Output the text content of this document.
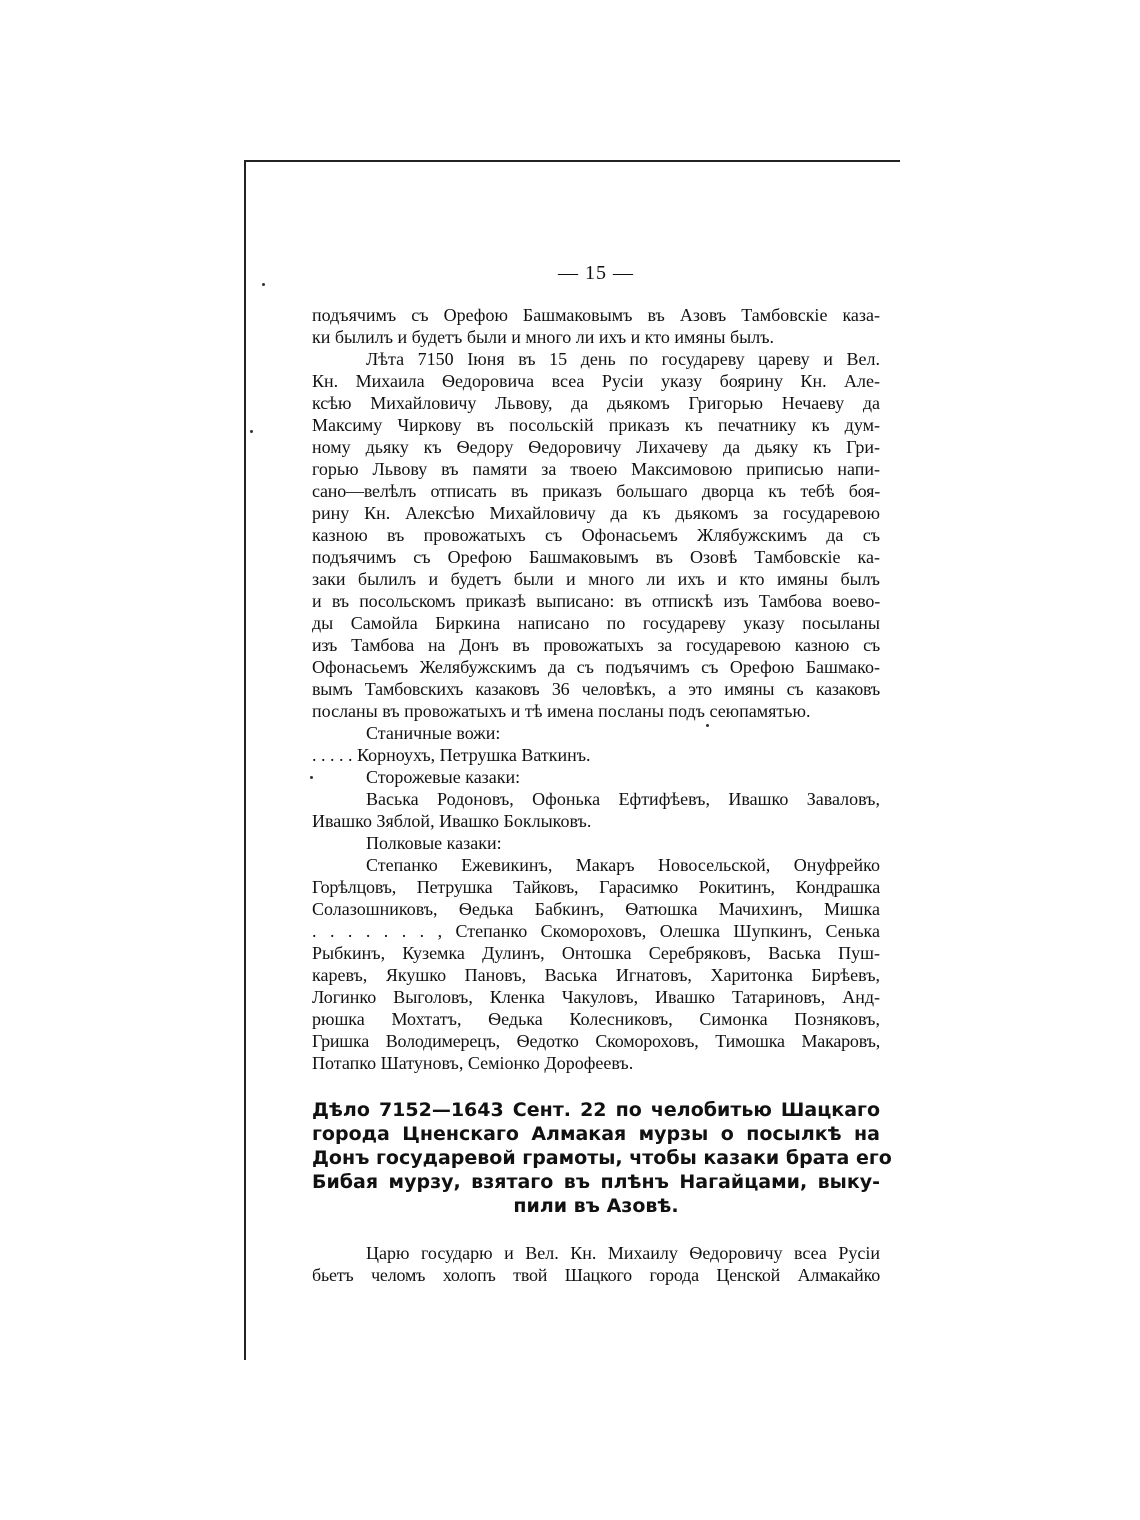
— 15 —
подъячимъ съ Орефою Башмаковымъ въ Азовъ Тамбовскіе каза-
ки былилъ и будетъ были и много ли ихъ и кто имяны былъ.
Лѣта 7150 Іюня въ 15 день по государеву цареву и Вел.
Кн. Михаила Ѳедоровича всеа Русіи указу боярину Кн. Але-
ксѣю Михайловичу Львову, да дьякомъ Григорью Нечаеву да
Максиму Чиркову въ посольскій приказъ къ печатнику къ дум-
ному дьяку къ Ѳедору Ѳедоровичу Лихачеву да дьяку къ Гри-
горью Львову въ памяти за твоею Максимовою приписью напи-
сано—велѣлъ отписать въ приказъ большаго дворца къ тебѣ боя-
рину Кн. Алексѣю Михайловичу да къ дьякомъ за государевою
казною въ провожатыхъ съ Офонасьемъ Жлябужскимъ да съ
подъячимъ съ Орефою Башмаковымъ въ Озовѣ Тамбовскіе ка-
заки былилъ и будетъ были и много ли ихъ и кто имяны былъ
и въ посольскомъ приказѣ выписано: въ отпискѣ изъ Тамбова воево-
ды Самойла Биркина написано по государеву указу посыланы
изъ Тамбова на Донъ въ провожатыхъ за государевою казною съ
Офонасьемъ Желябужскимъ да съ подъячимъ съ Орефою Башмако-
вымъ Тамбовскихъ казаковъ 36 человѣкъ, а это имяны съ казаковъ
посланы въ провожатыхъ и тѣ имена посланы подъ сеюпамятью.
Станичные вожи:
. . . . . Корноухъ, Петрушка Ваткинъ.
Сторожевые казаки:
Васька Родоновъ, Офонька Ефтифѣевъ, Ивашко Заваловъ,
Ивашко Зяблой, Ивашко Боклыковъ.
Полковые казаки:
Степанко Ежевикинъ, Макаръ Новосельской, Онуфрейко
Горѣлцовъ, Петрушка Тайковъ, Гарасимко Рокитинъ, Кондрашка
Солазошниковъ, Ѳедька Бабкинъ, Ѳатюшка Мачихинъ, Мишка
. . . . . . . , Степанко Скомороховъ, Олешка Шупкинъ, Сенька
Рыбкинъ, Куземка Дулинъ, Онтошка Серебряковъ, Васька Пуш-
каревъ, Якушко Пановъ, Васька Игнатовъ, Харитонка Бирѣевъ,
Логинко Выголовъ, Кленка Чакуловъ, Ивашко Татариновъ, Анд-
рюшка Мохтатъ, Ѳедька Колесниковъ, Симонка Позняковъ,
Гришка Володимерецъ, Ѳедотко Скомороховъ, Тимошка Макаровъ,
Потапко Шатуновъ, Семіонко Дорофеевъ.
Дѣло 7152—1643 Сент. 22 по челобитью Шацкаго
города Цненскаго Алмакая мурзы о посылкѣ на
Донъ государевой грамоты, чтобы казаки брата его
Бибая мурзу, взятаго въ плѣнъ Нагайцами, выку-
пили въ Азовѣ.
Царю государю и Вел. Кн. Михаилу Ѳедоровичу всеа Русіи
бьетъ челомъ холопъ твой Шацкого города Ценской Алмакайко
